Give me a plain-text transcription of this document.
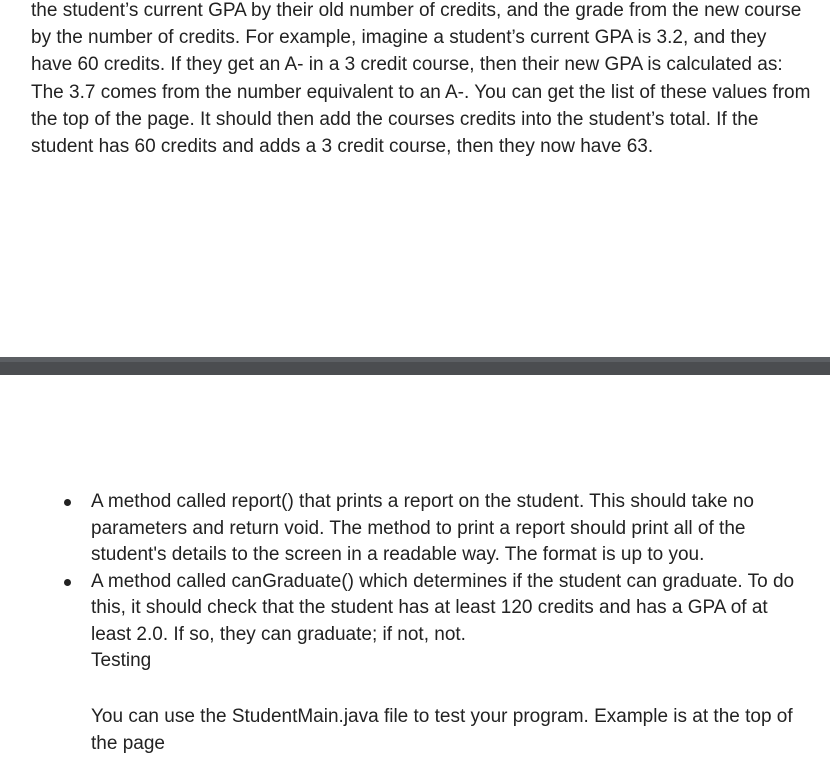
the student’s current GPA by their old number of credits, and the grade from the new course by the number of credits. For example, imagine a student’s current GPA is 3.2, and they have 60 credits. If they get an A- in a 3 credit course, then their new GPA is calculated as: The 3.7 comes from the number equivalent to an A-. You can get the list of these values from the top of the page. It should then add the courses credits into the student’s total. If the student has 60 credits and adds a 3 credit course, then they now have 63.

A method called report() that prints a report on the student. This should take no parameters and return void. The method to print a report should print all of the student's details to the screen in a readable way. The format is up to you.
A method called canGraduate() which determines if the student can graduate. To do this, it should check that the student has at least 120 credits and has a GPA of at least 2.0. If so, they can graduate; if not, not.
Testing

You can use the StudentMain.java file to test your program. Example is at the top of the page
